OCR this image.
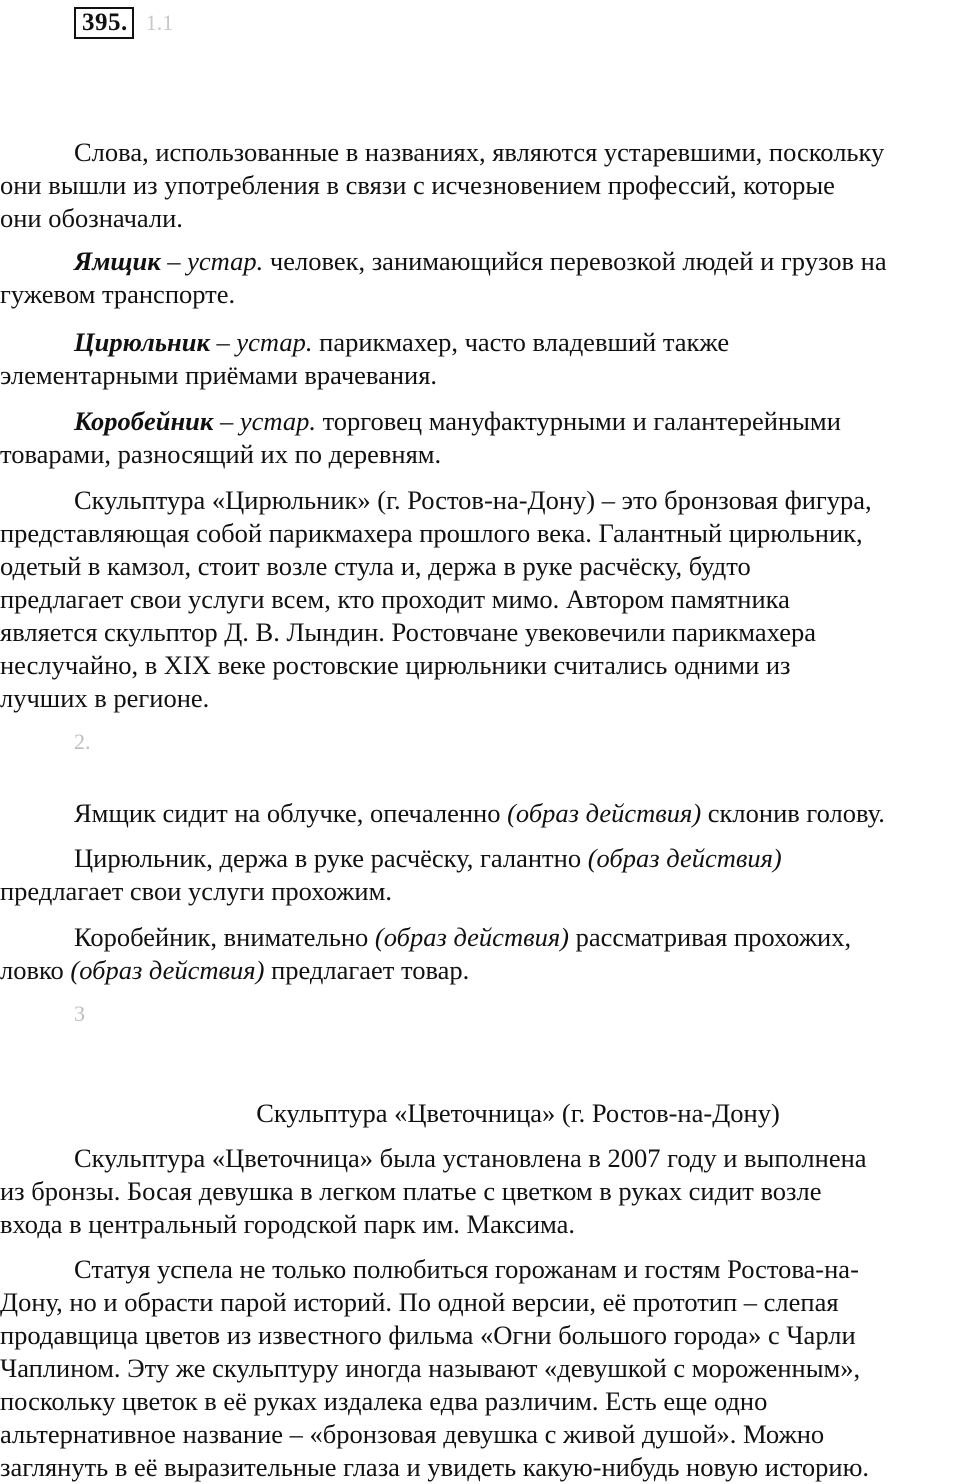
395. 1.1

Слова, использованные в названиях, являются устаревшими, поскольку
они вышли из употребления в связи с исчезновением профессий, которые
они обозначали.

Ямщик – устар. человек, занимающийся перевозкой людей и грузов на
гужевом транспорте.

Цирюльник – устар. парикмахер, часто владевший также
элементарными приёмами врачевания.

Коробейник – устар. торговец мануфактурными и галантерейными
товарами, разносящий их по деревням.

Скульптура «Цирюльник» (г. Ростов-на-Дону) – это бронзовая фигура,
представляющая собой парикмахера прошлого века. Галантный цирюльник,
одетый в камзол, стоит возле стула и, держа в руке расчёску, будто
предлагает свои услуги всем, кто проходит мимо. Автором памятника
является скульптор Д. В. Лындин. Ростовчане увековечили парикмахера
неслучайно, в XIX веке ростовские цирюльники считались одними из
лучших в регионе.

2.

Ямщик сидит на облучке, опечаленно (образ действия) склонив голову.

Цирюльник, держа в руке расчёску, галантно (образ действия)
предлагает свои услуги прохожим.

Коробейник, внимательно (образ действия) рассматривая прохожих,
ловко (образ действия) предлагает товар.

3
Скульптура «Цветочница» (г. Ростов-на-Дону)

Скульптура «Цветочница» была установлена в 2007 году и выполнена
из бронзы. Босая девушка в легком платье с цветком в руках сидит возле
входа в центральный городской парк им. Максима.

Статуя успела не только полюбиться горожанам и гостям Ростова-на-
Дону, но и обрасти парой историй. По одной версии, её прототип – слепая
продавщица цветов из известного фильма «Огни большого города» с Чарли
Чаплином. Эту же скульптуру иногда называют «девушкой с мороженным»,
поскольку цветок в её руках издалека едва различим. Есть еще одно
альтернативное название – «бронзовая девушка с живой душой». Можно
заглянуть в её выразительные глаза и увидеть какую-нибудь новую историю.
